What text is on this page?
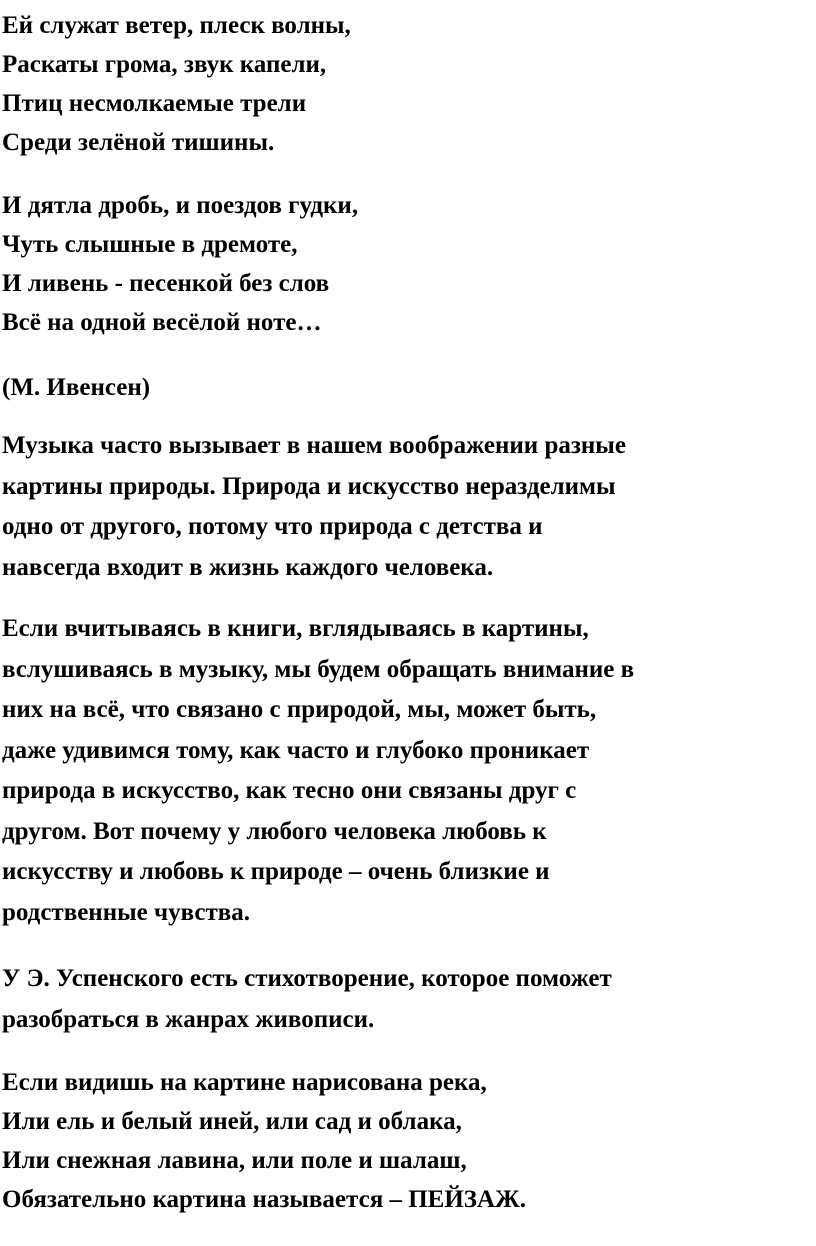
Ей служат ветер, плеск волны,
Раскаты грома, звук капели,
Птиц несмолкаемые трели
Среди зелёной тишины.
И дятла дробь, и поездов гудки,
Чуть слышные в дремоте,
И ливень - песенкой без слов
Всё на одной весёлой ноте…
(М. Ивенсен)
Музыка часто вызывает в нашем воображении разные
картины природы. Природа и искусство неразделимы
одно от другого, потому что природа с детства и
навсегда входит в жизнь каждого человека.
Если вчитываясь в книги, вглядываясь в картины,
вслушиваясь в музыку, мы будем обращать внимание в
них на всё, что связано с природой, мы, может быть,
даже удивимся тому, как часто и глубоко проникает
природа в искусство, как тесно они связаны друг с
другом. Вот почему у любого человека любовь к
искусству и любовь к природе – очень близкие и
родственные чувства.
У Э. Успенского есть стихотворение, которое поможет
разобраться в жанрах живописи.
Если видишь на картине нарисована река,
Или ель и белый иней, или сад и облака,
Или снежная лавина, или поле и шалаш,
Обязательно картина называется – ПЕЙЗАЖ.
